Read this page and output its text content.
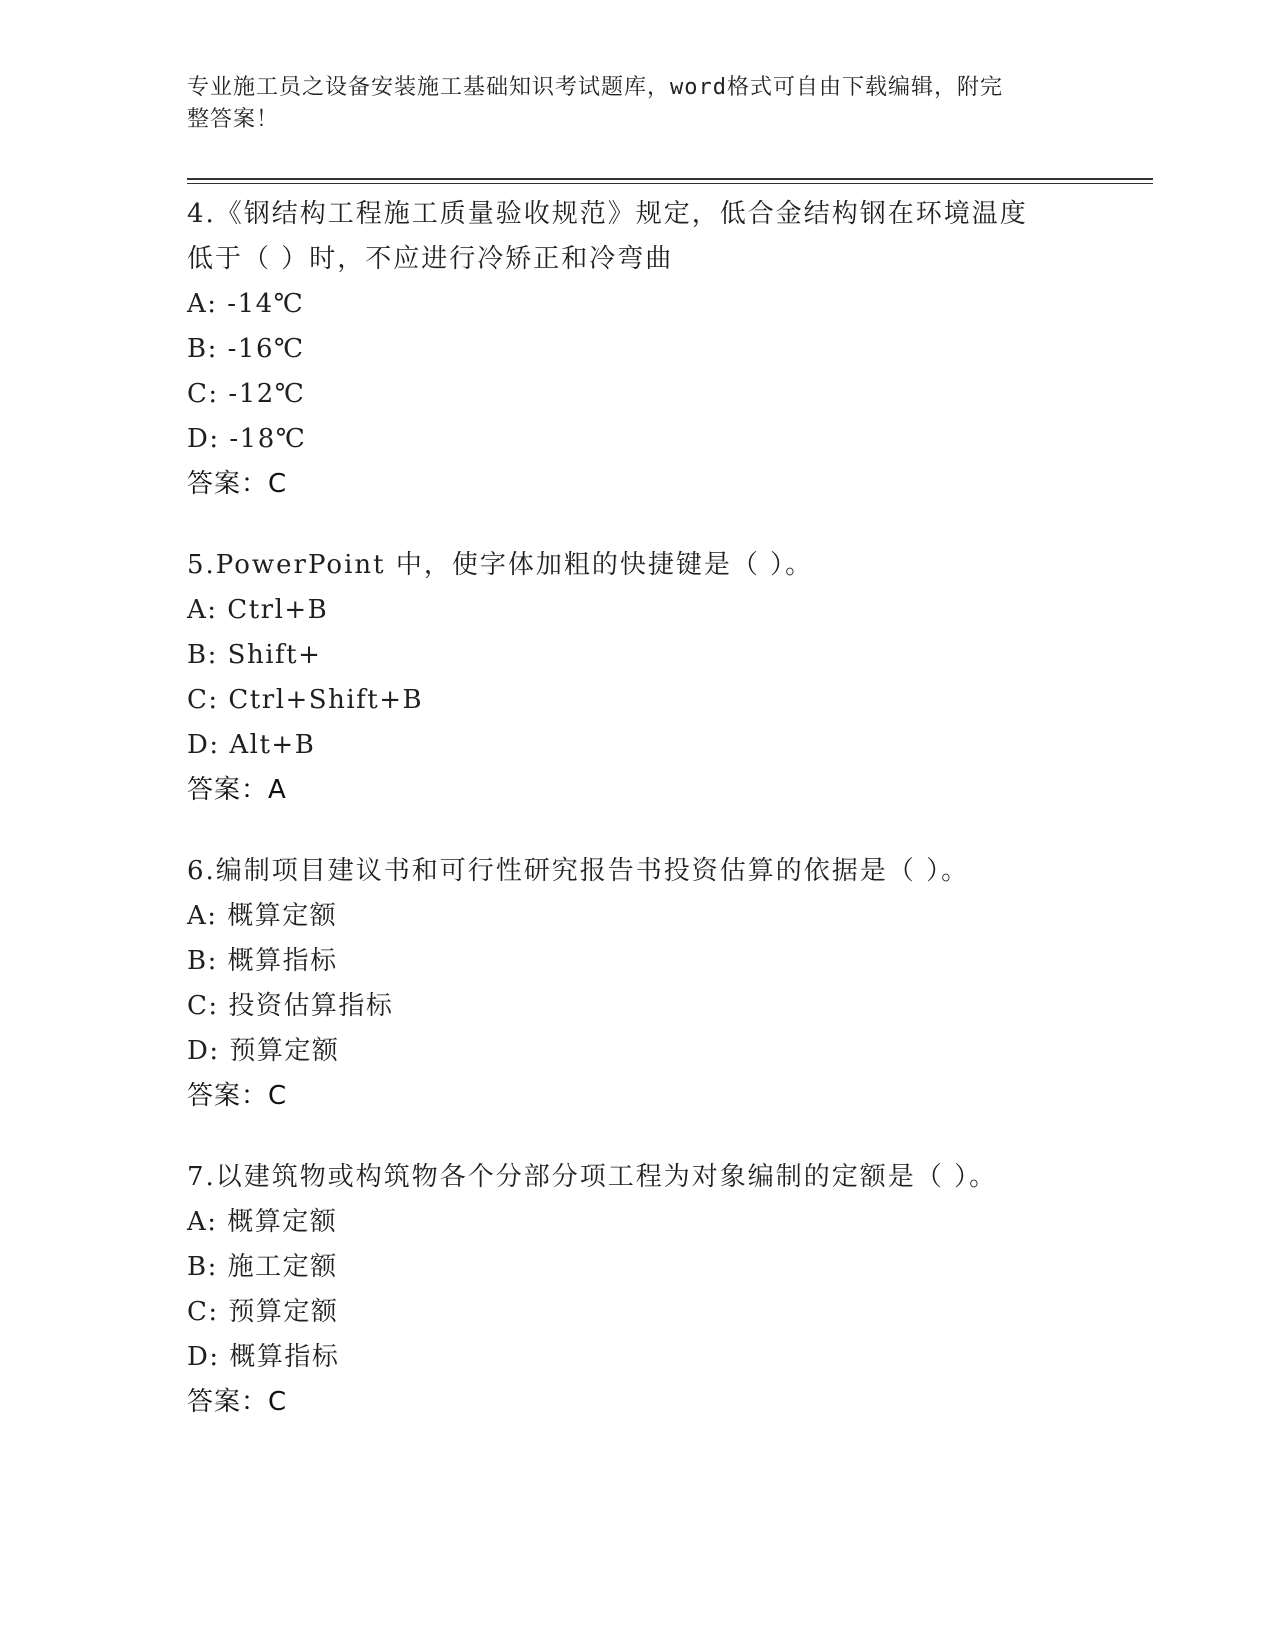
专业施工员之设备安装施工基础知识考试题库，word格式可自由下载编辑，附完
整答案！
4.《钢结构工程施工质量验收规范》规定，低合金结构钢在环境温度
低于（ ）时，不应进行冷矫正和冷弯曲
A: -14℃
B: -16℃
C: -12℃
D: -18℃
答案：C
5.PowerPoint 中，使字体加粗的快捷键是（ ）。
A: Ctrl+B
B: Shift+
C: Ctrl+Shift+B
D: Alt+B
答案：A
6.编制项目建议书和可行性研究报告书投资估算的依据是（ ）。
A: 概算定额
B: 概算指标
C: 投资估算指标
D: 预算定额
答案：C
7.以建筑物或构筑物各个分部分项工程为对象编制的定额是（ ）。
A: 概算定额
B: 施工定额
C: 预算定额
D: 概算指标
答案：C
